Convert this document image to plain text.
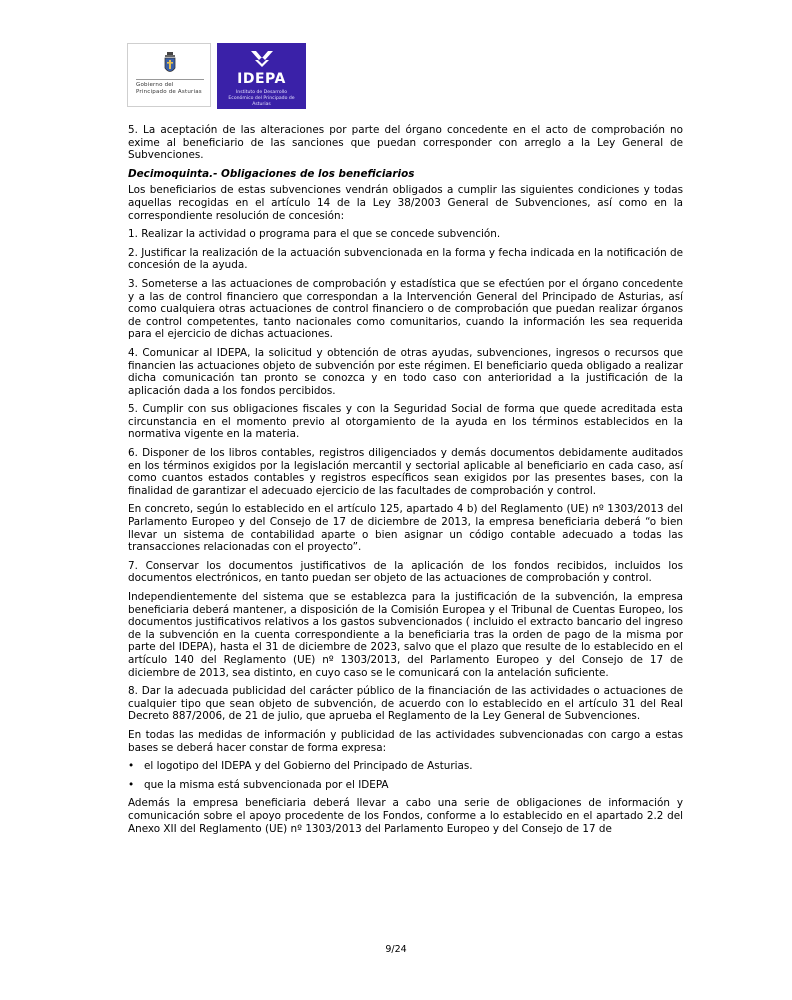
Gobierno del Principado de Asturias
IDEPA
Instituto de Desarrollo Económico del Principado de Asturias

5. La aceptación de las alteraciones por parte del órgano concedente en el acto de comprobación no exime al beneficiario de las sanciones que puedan corresponder con arreglo a la Ley General de Subvenciones.

Decimoquinta.- Obligaciones de los beneficiarios

Los beneficiarios de estas subvenciones vendrán obligados a cumplir las siguientes condiciones y todas aquellas recogidas en el artículo 14 de la Ley 38/2003 General de Subvenciones, así como en la correspondiente resolución de concesión:

1. Realizar la actividad o programa para el que se concede subvención.

2. Justificar la realización de la actuación subvencionada en la forma y fecha indicada en la notificación de concesión de la ayuda.

3. Someterse a las actuaciones de comprobación y estadística que se efectúen por el órgano concedente y a las de control financiero que correspondan a la Intervención General del Principado de Asturias, así como cualquiera otras actuaciones de control financiero o de comprobación que puedan realizar órganos de control competentes, tanto nacionales como comunitarios, cuando la información les sea requerida para el ejercicio de dichas actuaciones.

4. Comunicar al IDEPA, la solicitud y obtención de otras ayudas, subvenciones, ingresos o recursos que financien las actuaciones objeto de subvención por este régimen. El beneficiario queda obligado a realizar dicha comunicación tan pronto se conozca y en todo caso con anterioridad a la justificación de la aplicación dada a los fondos percibidos.

5. Cumplir con sus obligaciones fiscales y con la Seguridad Social de forma que quede acreditada esta circunstancia en el momento previo al otorgamiento de la ayuda en los términos establecidos en la normativa vigente en la materia.

6. Disponer de los libros contables, registros diligenciados y demás documentos debidamente auditados en los términos exigidos por la legislación mercantil y sectorial aplicable al beneficiario en cada caso, así como cuantos estados contables y registros específicos sean exigidos por las presentes bases, con la finalidad de garantizar el adecuado ejercicio de las facultades de comprobación y control.

En concreto, según lo establecido en el artículo 125, apartado 4 b) del Reglamento (UE) nº 1303/2013 del Parlamento Europeo y del Consejo de 17 de diciembre de 2013, la empresa beneficiaria deberá “o bien llevar un sistema de contabilidad aparte o bien asignar un código contable adecuado a todas las transacciones relacionadas con el proyecto”.

7. Conservar los documentos justificativos de la aplicación de los fondos recibidos, incluidos los documentos electrónicos, en tanto puedan ser objeto de las actuaciones de comprobación y control.

Independientemente del sistema que se establezca para la justificación de la subvención, la empresa beneficiaria deberá mantener, a disposición de la Comisión Europea y el Tribunal de Cuentas Europeo, los documentos justificativos relativos a los gastos subvencionados ( incluido el extracto bancario del ingreso de la subvención en la cuenta correspondiente a la beneficiaria tras la orden de pago de la misma por parte del IDEPA), hasta el 31 de diciembre de 2023, salvo que el plazo que resulte de lo establecido en el artículo 140 del Reglamento (UE) nº 1303/2013, del Parlamento Europeo y del Consejo de 17 de diciembre de 2013, sea distinto, en cuyo caso se le comunicará con la antelación suficiente.

8. Dar la adecuada publicidad del carácter público de la financiación de las actividades o actuaciones de cualquier tipo que sean objeto de subvención, de acuerdo con lo establecido en el artículo 31 del Real Decreto 887/2006, de 21 de julio, que aprueba el Reglamento de la Ley General de Subvenciones.

En todas las medidas de información y publicidad de las actividades subvencionadas con cargo a estas bases se deberá hacer constar de forma expresa:

• el logotipo del IDEPA y del Gobierno del Principado de Asturias.
• que la misma está subvencionada por el IDEPA

Además la empresa beneficiaria deberá llevar a cabo una serie de obligaciones de información y comunicación sobre el apoyo procedente de los Fondos, conforme a lo establecido en el apartado 2.2 del Anexo XII del Reglamento (UE) nº 1303/2013 del Parlamento Europeo y del Consejo de 17 de

9/24
